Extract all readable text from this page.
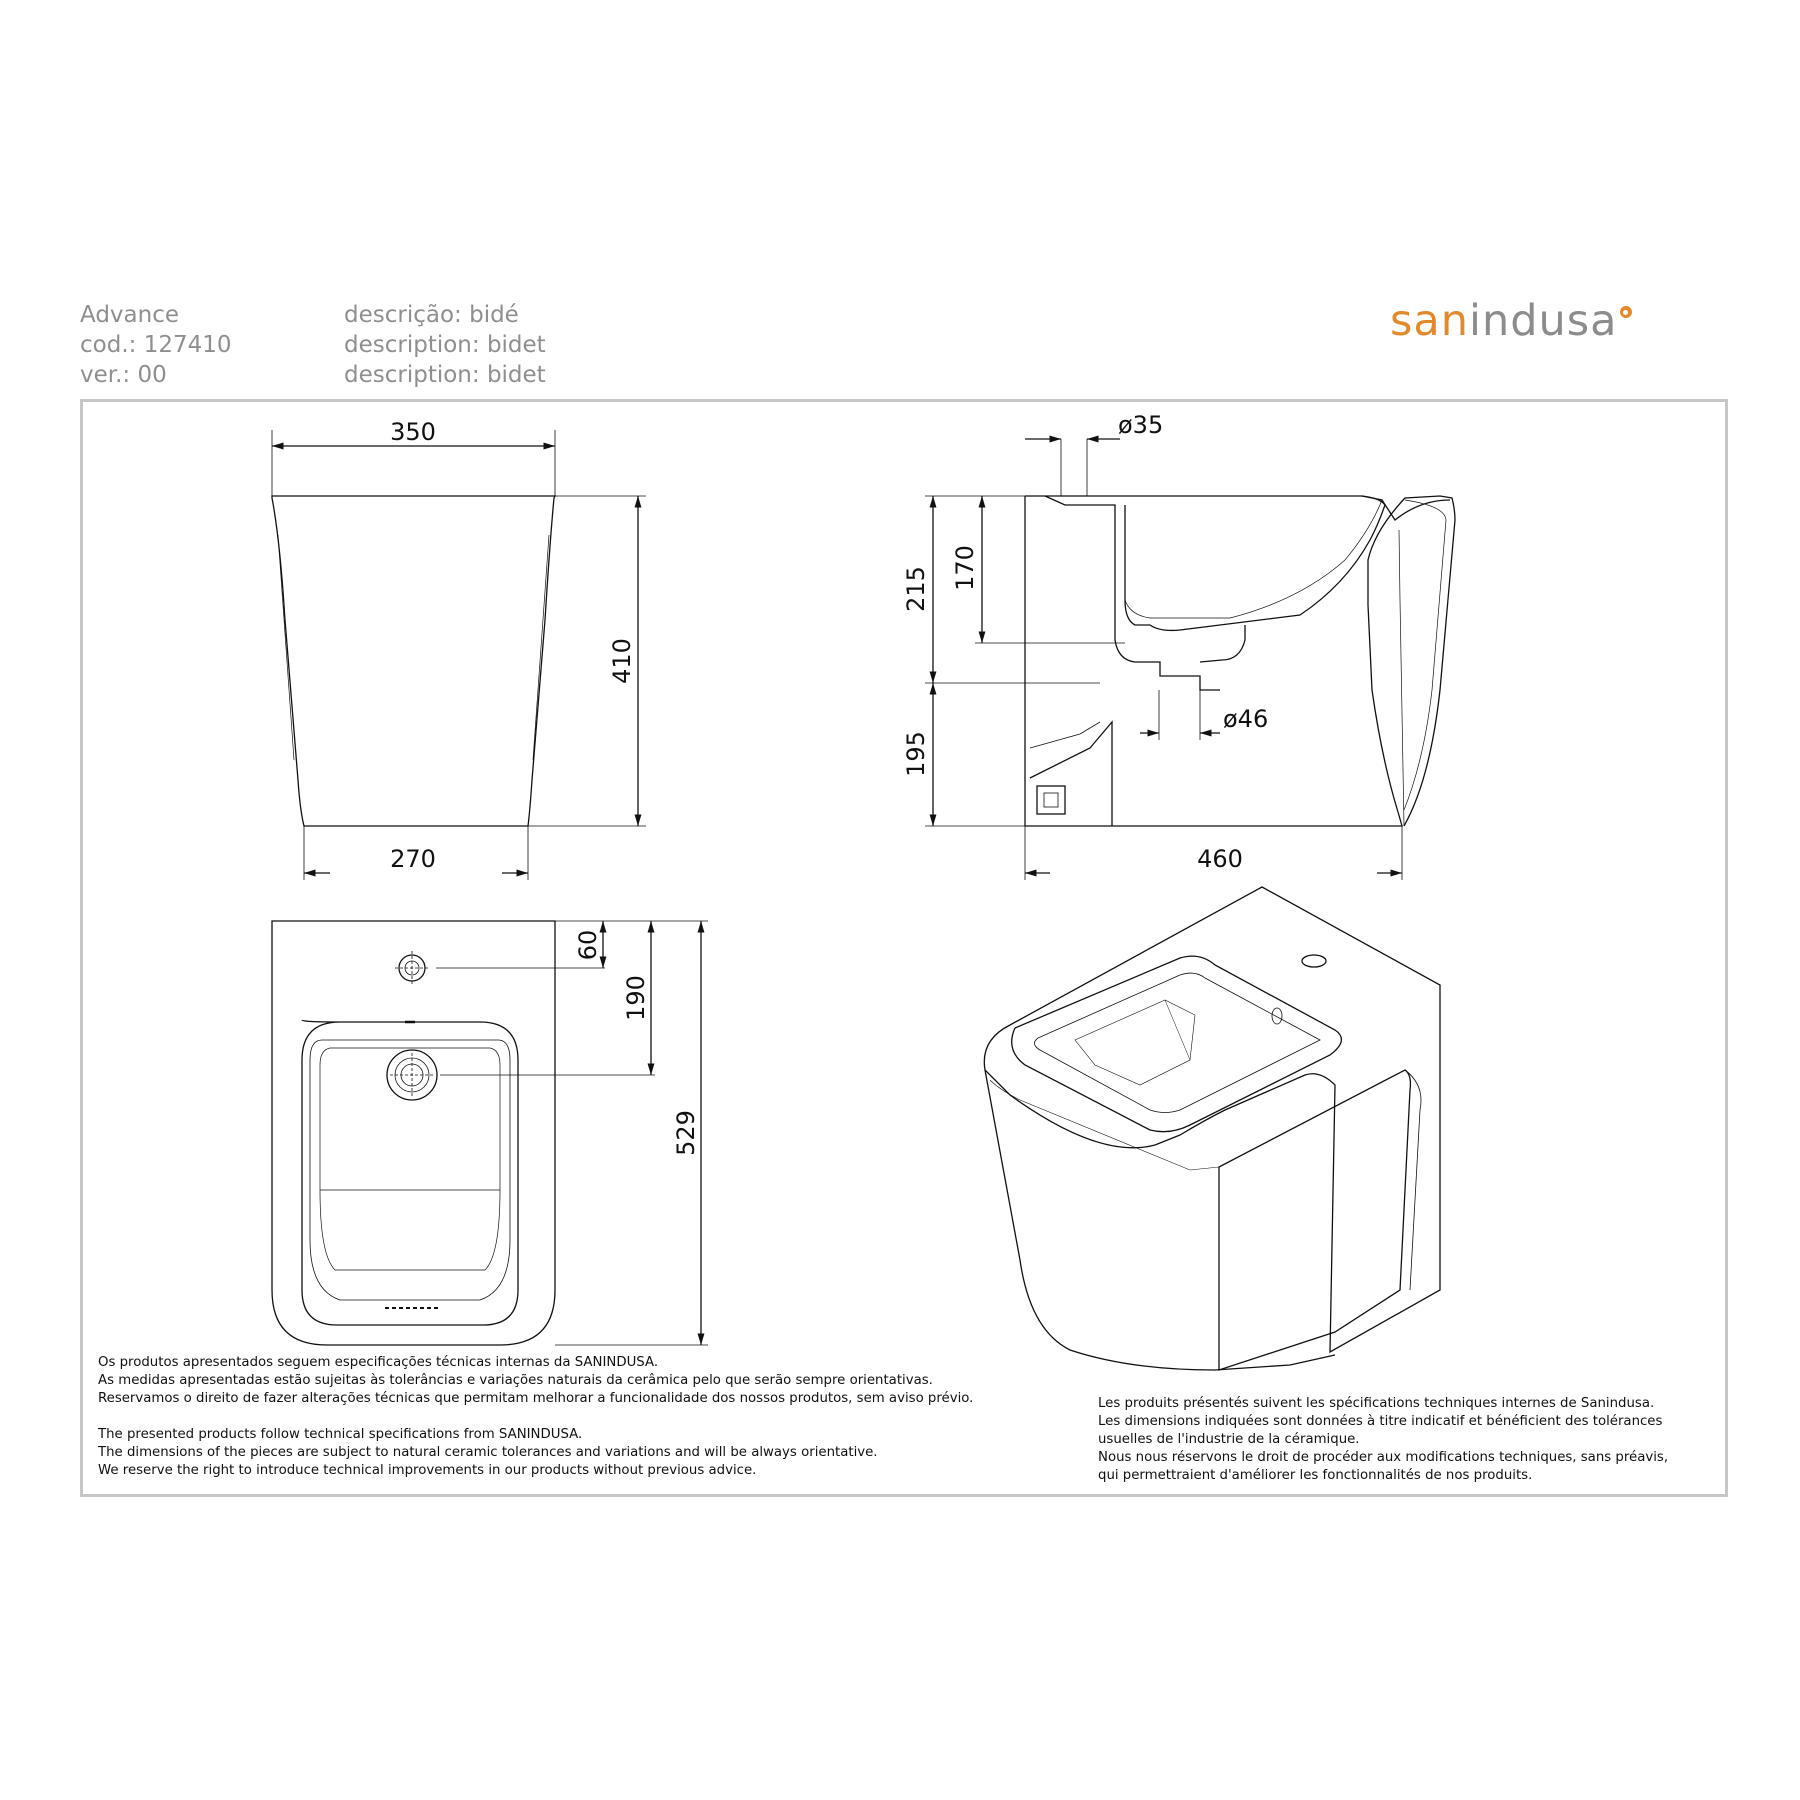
Advance
cod.: 127410
ver.: 00
descrição: bidé
description: bidet
description: bidet
sanindusa
350
270
410
ø35
215 170
195
ø46
460
60
190
529
Os produtos apresentados seguem especificações técnicas internas da SANINDUSA.
As medidas apresentadas estão sujeitas às tolerâncias e variações naturais da cerâmica pelo que serão sempre orientativas.
Reservamos o direito de fazer alterações técnicas que permitam melhorar a funcionalidade dos nossos produtos, sem aviso prévio.
The presented products follow technical specifications from SANINDUSA.
The dimensions of the pieces are subject to natural ceramic tolerances and variations and will be always orientative.
We reserve the right to introduce technical improvements in our products without previous advice.
Les produits présentés suivent les spécifications techniques internes de Sanindusa.
Les dimensions indiquées sont données à titre indicatif et bénéficient des tolérances
usuelles de l'industrie de la céramique.
Nous nous réservons le droit de procéder aux modifications techniques, sans préavis,
qui permettraient d'améliorer les fonctionnalités de nos produits.
